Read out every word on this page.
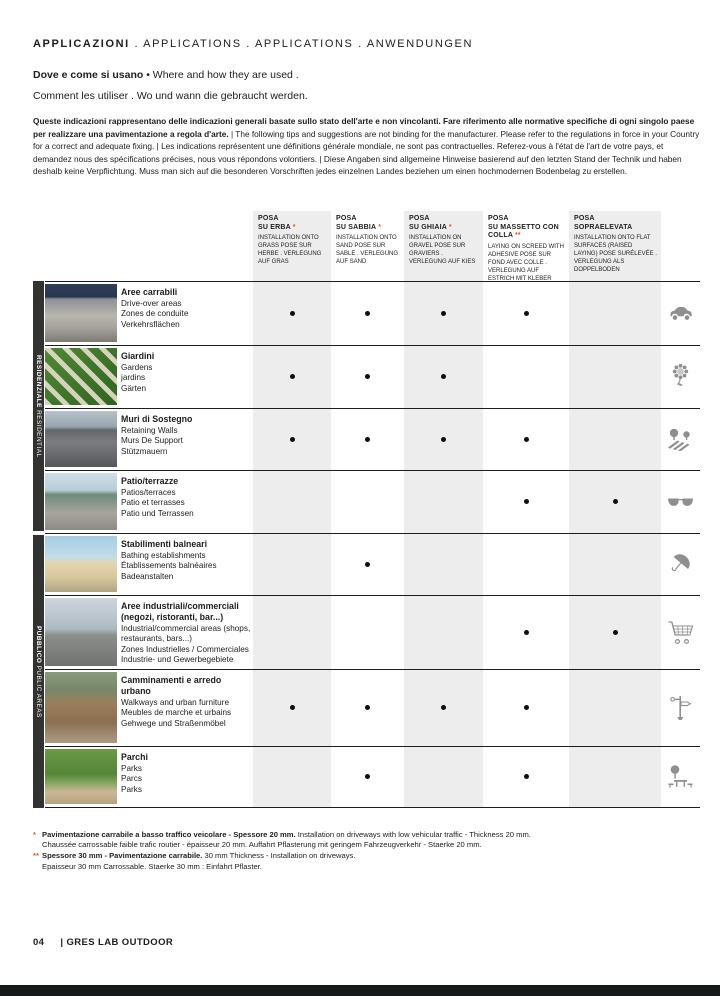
APPLICAZIONI . APPLICATIONS . APPLICATIONS . ANWENDUNGEN
Dove e come si usano • Where and how they are used .
Comment les utiliser . Wo und wann die gebraucht werden.
Queste indicazioni rappresentano delle indicazioni generali basate sullo stato dell'arte e non vincolanti. Fare riferimento alle normative specifiche di ogni singolo paese per realizzare una pavimentazione a regola d'arte. | The following tips and suggestions are not binding for the manufacturer. Please refer to the regulations in force in your Country for a correct and adequate fixing. | Les indications représentent une définitions générale mondiale, ne sont pas contractuelles. Referez-vous à l'état de l'art de votre pays, et demandez nous des spécifications précises, nous vous répondons volontiers. | Diese Angaben sind allgemeine Hinweise basierend auf den letzten Stand der Technik und haben deshalb keine Verpflichtung. Muss man sich auf die besonderen Vorschriften jedes einzelnen Landes beziehen um einen hochmodernen Bodenbelag zu erstellen.
RESIDENZIALE RESIDENTIAL
PUBBLICO PUBLIC AREAS
POSA
SU ERBA *
INSTALLATION ONTO GRASS POSE SUR HERBE . VERLEGUNG AUF GRAS
POSA
SU SABBIA *
INSTALLATION ONTO SAND POSE SUR SABLE . VERLEGUNG AUF SAND
POSA
SU GHIAIA *
INSTALLATION ON GRAVEL POSE SUR GRAVIERS . VERLEGUNG AUF KIES
POSA
SU MASSETTO CON COLLA **
LAYING ON SCREED WITH ADHESIVE POSE SUR FOND AVEC COLLE . VERLEGUNG AUF ESTRICH MIT KLEBER
POSA
SOPRAELEVATA
INSTALLATION ONTO FLAT SURFACES (RAISED LAYING) POSE SURÉLEVÉE . VERLEGUNG ALS DOPPELBODEN
Aree carrabili
Drive-over areas
Zones de conduite
Verkehrsflächen
Giardini
Gardens
jardins
Gärten
Muri di Sostegno
Retaining Walls
Murs De Support
Stützmauern
Patio/terrazze
Patios/terraces
Patio et terrasses
Patio und Terrassen
Stabilimenti balneari
Bathing establishments
Établissements balnéaires
Badeanstalten
Aree industriali/commerciali (negozi, ristoranti, bar...)
Industrial/commercial areas (shops, restaurants, bars...)
Zones Industrielles / Commerciales
Industrie- und Gewerbegebiete
Camminamenti e arredo urbano
Walkways and urban furniture
Meubles de marche et urbains
Gehwege und Straßenmöbel
Parchi
Parks
Parcs
Parks
* Pavimentazione carrabile a basso traffico veicolare - Spessore 20 mm. Installation on driveways with low vehicular traffic - Thickness 20 mm.
Chaussée carrossable faible trafic routier - épaisseur 20 mm. Auffahrt Pflasterung mit geringem Fahrzeugverkehr - Staerke 20 mm.
** Spessore 30 mm - Pavimentazione carrabile. 30 mm Thickness - Installation on driveways.
Epaisseur 30 mm Carrossable. Staerke 30 mm : Einfahrt Pflaster.
04 | GRES LAB OUTDOOR
